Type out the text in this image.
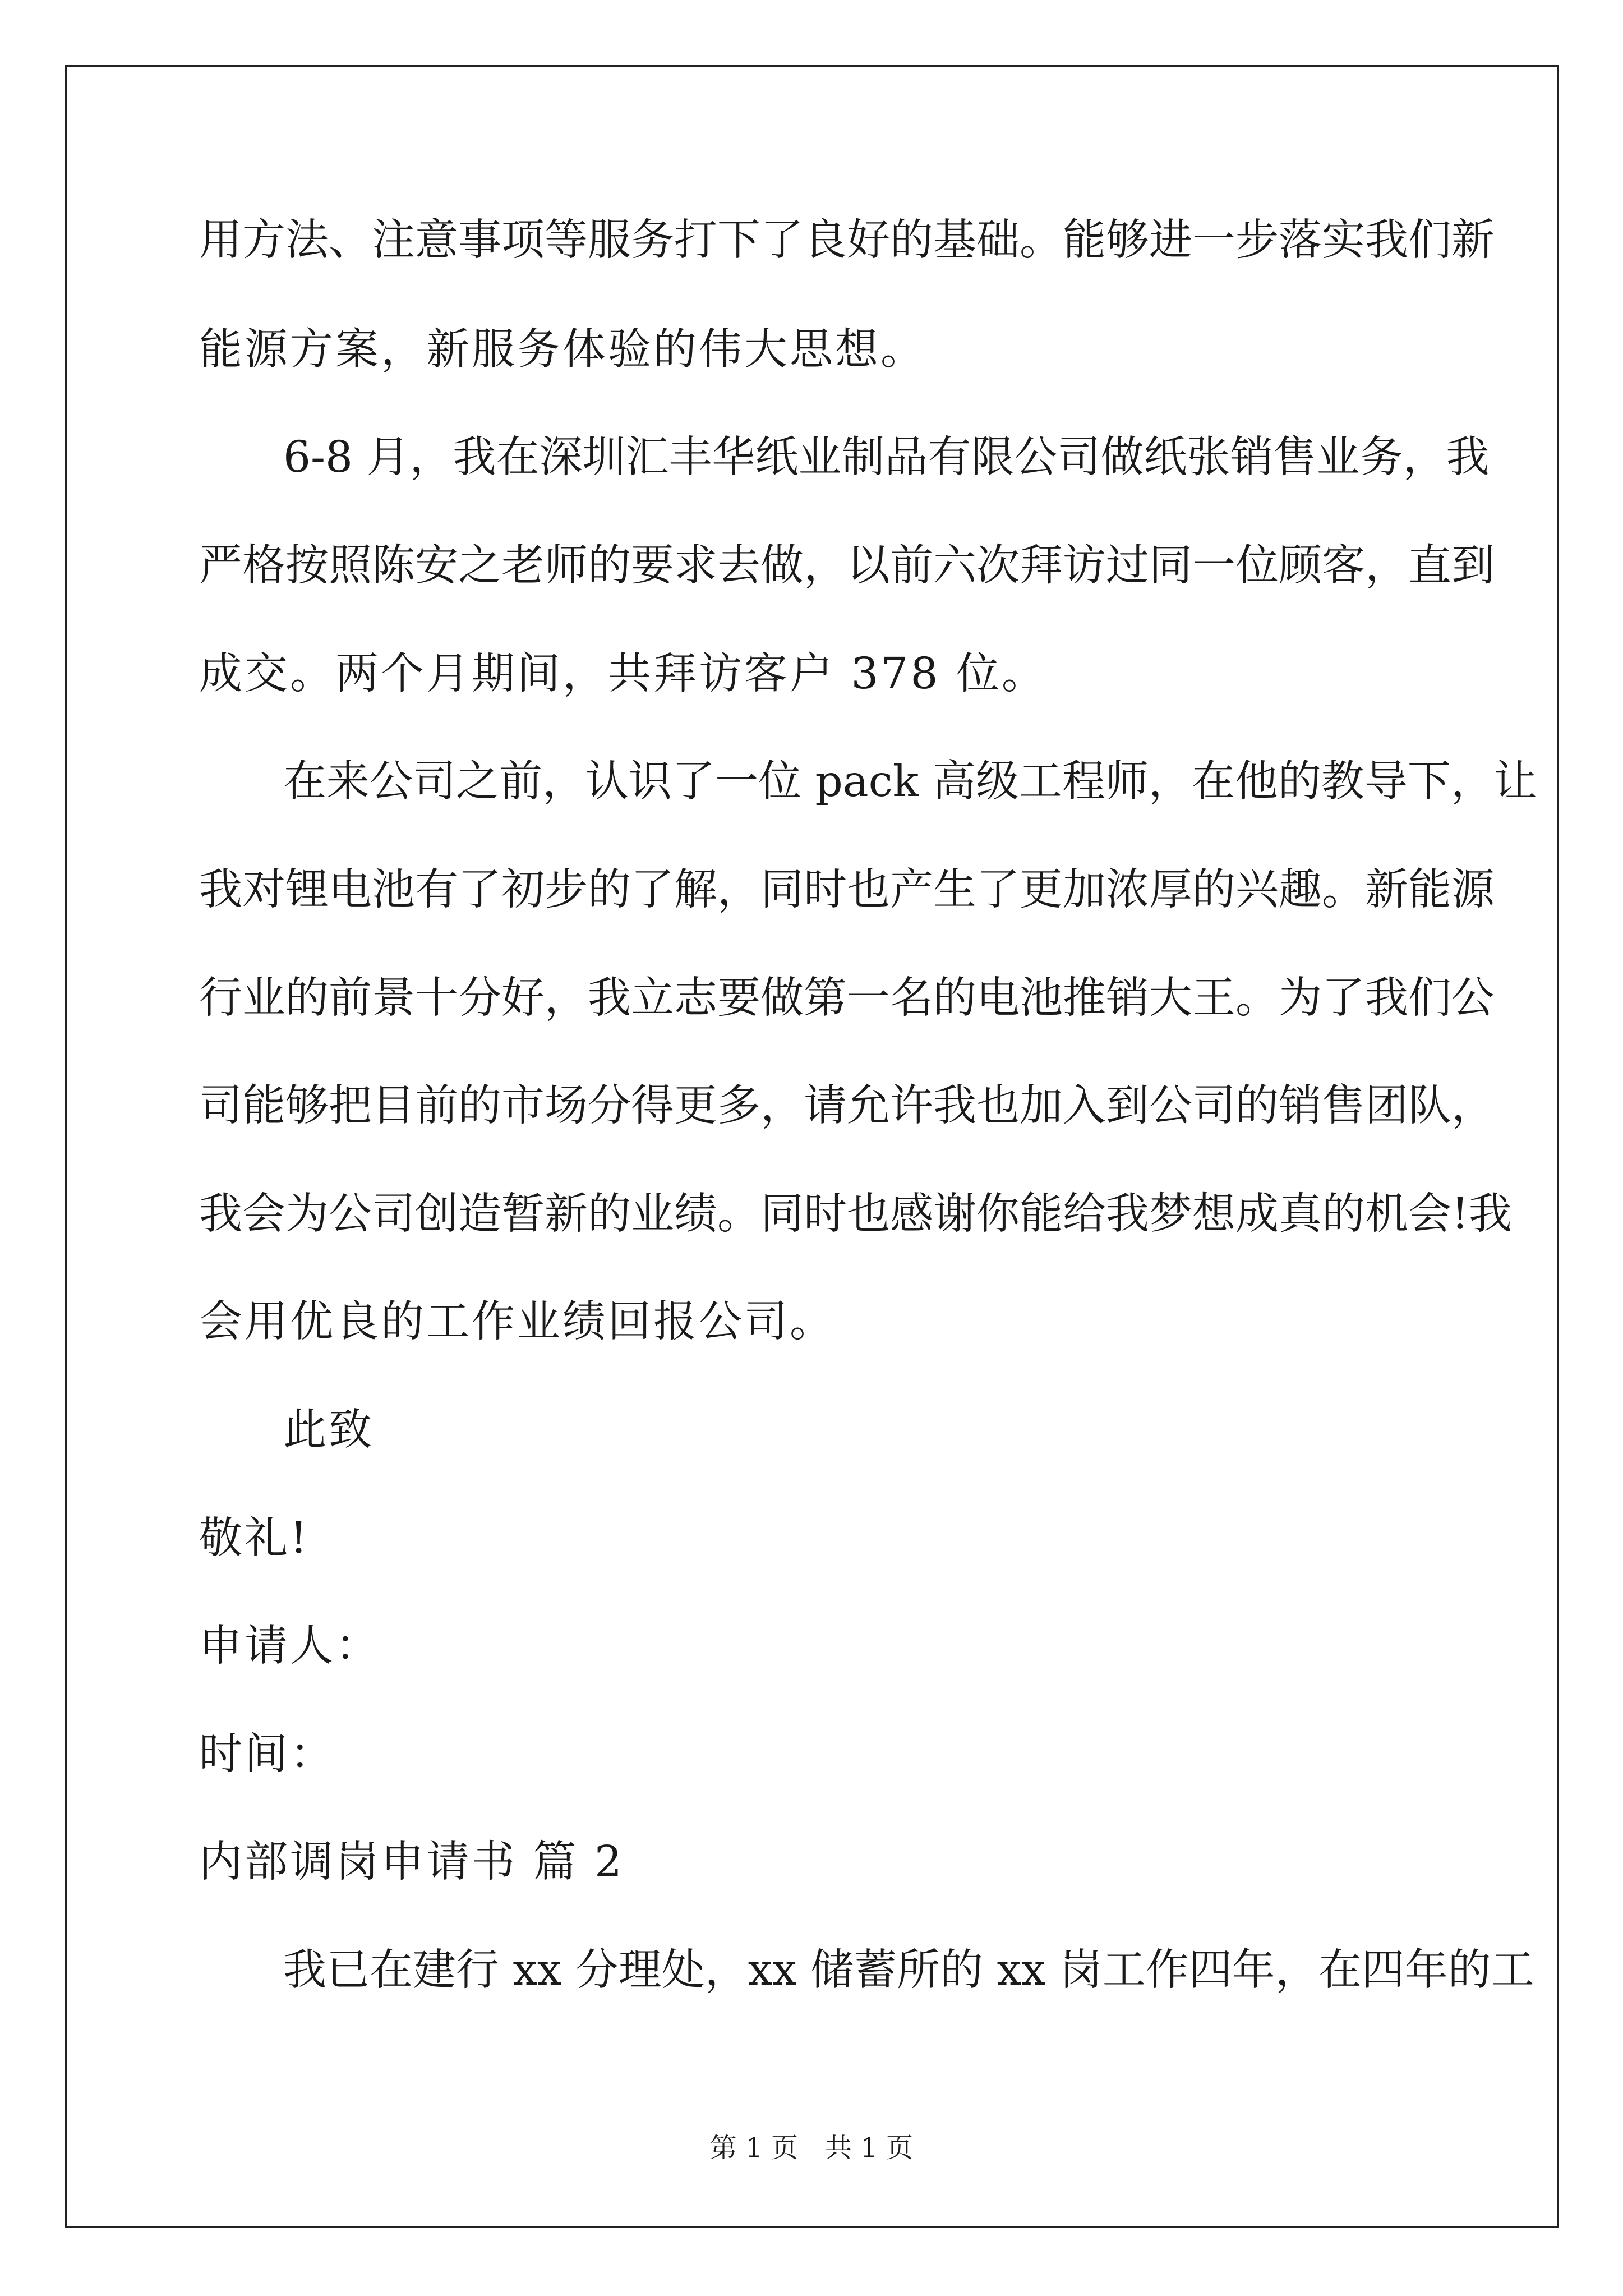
用方法、注意事项等服务打下了良好的基础。能够进一步落实我们新

能源方案，新服务体验的伟大思想。

6-8 月，我在深圳汇丰华纸业制品有限公司做纸张销售业务，我

严格按照陈安之老师的要求去做，以前六次拜访过同一位顾客，直到

成交。两个月期间，共拜访客户 378 位。

在来公司之前，认识了一位 pack 高级工程师，在他的教导下，让

我对锂电池有了初步的了解，同时也产生了更加浓厚的兴趣。新能源

行业的前景十分好，我立志要做第一名的电池推销大王。为了我们公

司能够把目前的市场分得更多，请允许我也加入到公司的销售团队，

我会为公司创造暂新的业绩。同时也感谢你能给我梦想成真的机会!我

会用优良的工作业绩回报公司。

此致

敬礼!

申请人：

时间：

内部调岗申请书 篇 2

我已在建行 xx 分理处，xx 储蓄所的 xx 岗工作四年，在四年的工

第 1 页 共 1 页
